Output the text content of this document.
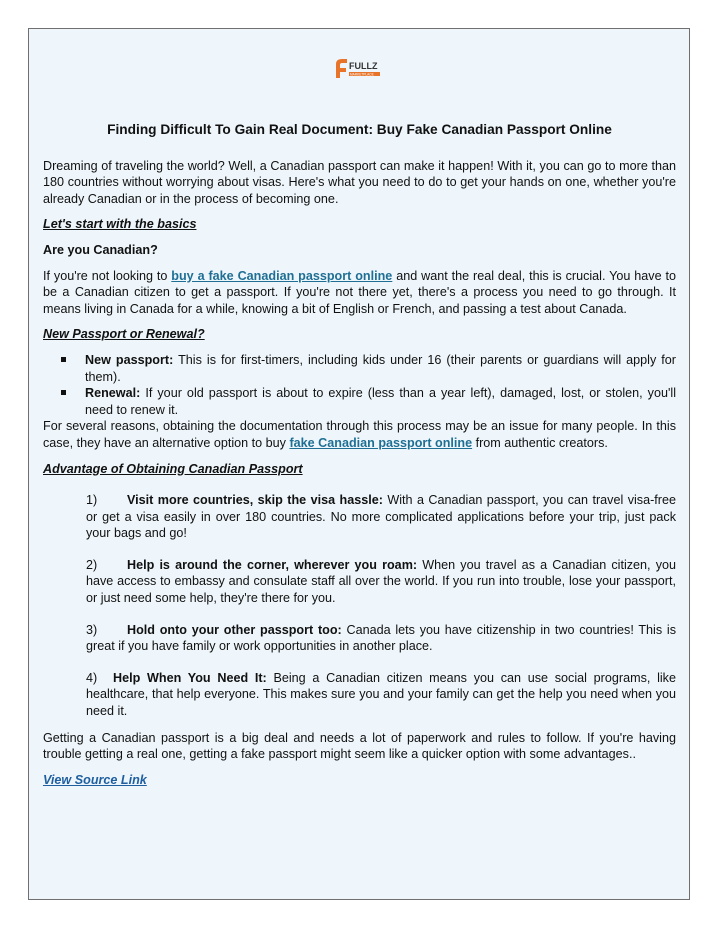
FULLZ
MARKETPLACE
Finding Difficult To Gain Real Document: Buy Fake Canadian Passport Online

Dreaming of traveling the world? Well, a Canadian passport can make it happen! With it, you can go to more than 180 countries without worrying about visas. Here's what you need to do to get your hands on one, whether you're already Canadian or in the process of becoming one.

Let's start with the basics

Are you Canadian?

If you're not looking to buy a fake Canadian passport online and want the real deal, this is crucial. You have to be a Canadian citizen to get a passport. If you're not there yet, there's a process you need to go through. It means living in Canada for a while, knowing a bit of English or French, and passing a test about Canada.

New Passport or Renewal?

New passport: This is for first-timers, including kids under 16 (their parents or guardians will apply for them).
Renewal: If your old passport is about to expire (less than a year left), damaged, lost, or stolen, you'll need to renew it.

For several reasons, obtaining the documentation through this process may be an issue for many people. In this case, they have an alternative option to buy fake Canadian passport online from authentic creators.

Advantage of Obtaining Canadian Passport

1) Visit more countries, skip the visa hassle: With a Canadian passport, you can travel visa-free or get a visa easily in over 180 countries. No more complicated applications before your trip, just pack your bags and go!
2) Help is around the corner, wherever you roam: When you travel as a Canadian citizen, you have access to embassy and consulate staff all over the world. If you run into trouble, lose your passport, or just need some help, they're there for you.
3) Hold onto your other passport too: Canada lets you have citizenship in two countries! This is great if you have family or work opportunities in another place.
4) Help When You Need It: Being a Canadian citizen means you can use social programs, like healthcare, that help everyone. This makes sure you and your family can get the help you need when you need it.

Getting a Canadian passport is a big deal and needs a lot of paperwork and rules to follow. If you're having trouble getting a real one, getting a fake passport might seem like a quicker option with some advantages..

View Source Link
